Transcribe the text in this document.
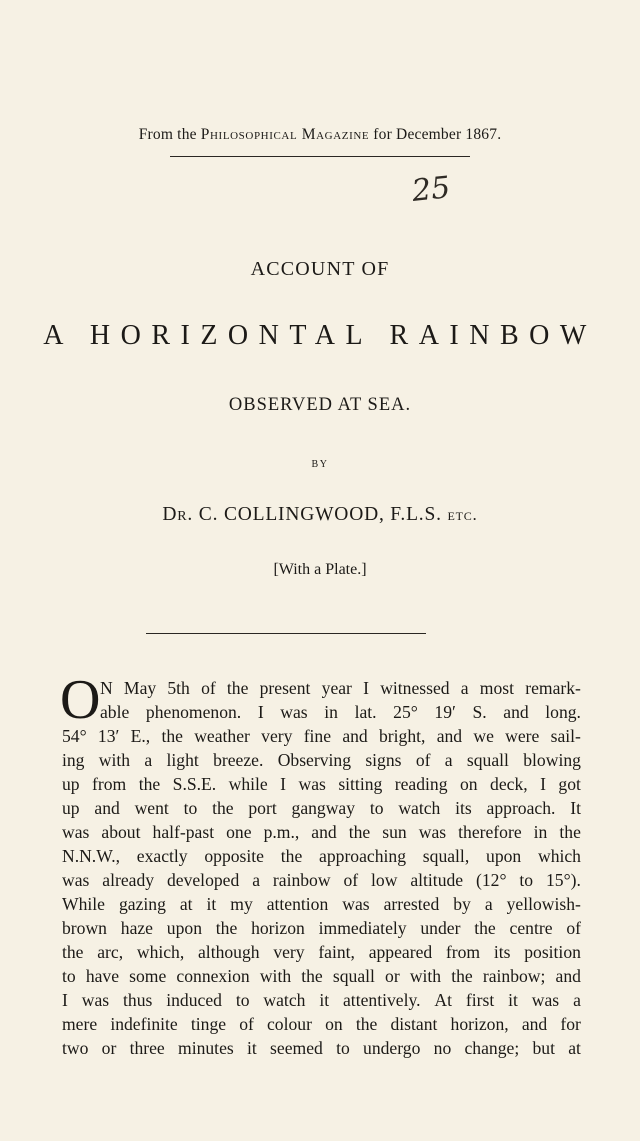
From the Philosophical Magazine for December 1867.
25
ACCOUNT OF
A HORIZONTAL RAINBOW
OBSERVED AT SEA.
BY
Dr. C. COLLINGWOOD, F.L.S. etc.
[With a Plate.]
O N May 5th of the present year I witnessed a most remark-
able phenomenon. I was in lat. 25° 19′ S. and long.
54° 13′ E., the weather very fine and bright, and we were sail-
ing with a light breeze. Observing signs of a squall blowing
up from the S.S.E. while I was sitting reading on deck, I got
up and went to the port gangway to watch its approach. It
was about half-past one p.m., and the sun was therefore in the
N.N.W., exactly opposite the approaching squall, upon which
was already developed a rainbow of low altitude (12° to 15°).
While gazing at it my attention was arrested by a yellowish-
brown haze upon the horizon immediately under the centre of
the arc, which, although very faint, appeared from its position
to have some connexion with the squall or with the rainbow; and
I was thus induced to watch it attentively. At first it was a
mere indefinite tinge of colour on the distant horizon, and for
two or three minutes it seemed to undergo no change; but at
